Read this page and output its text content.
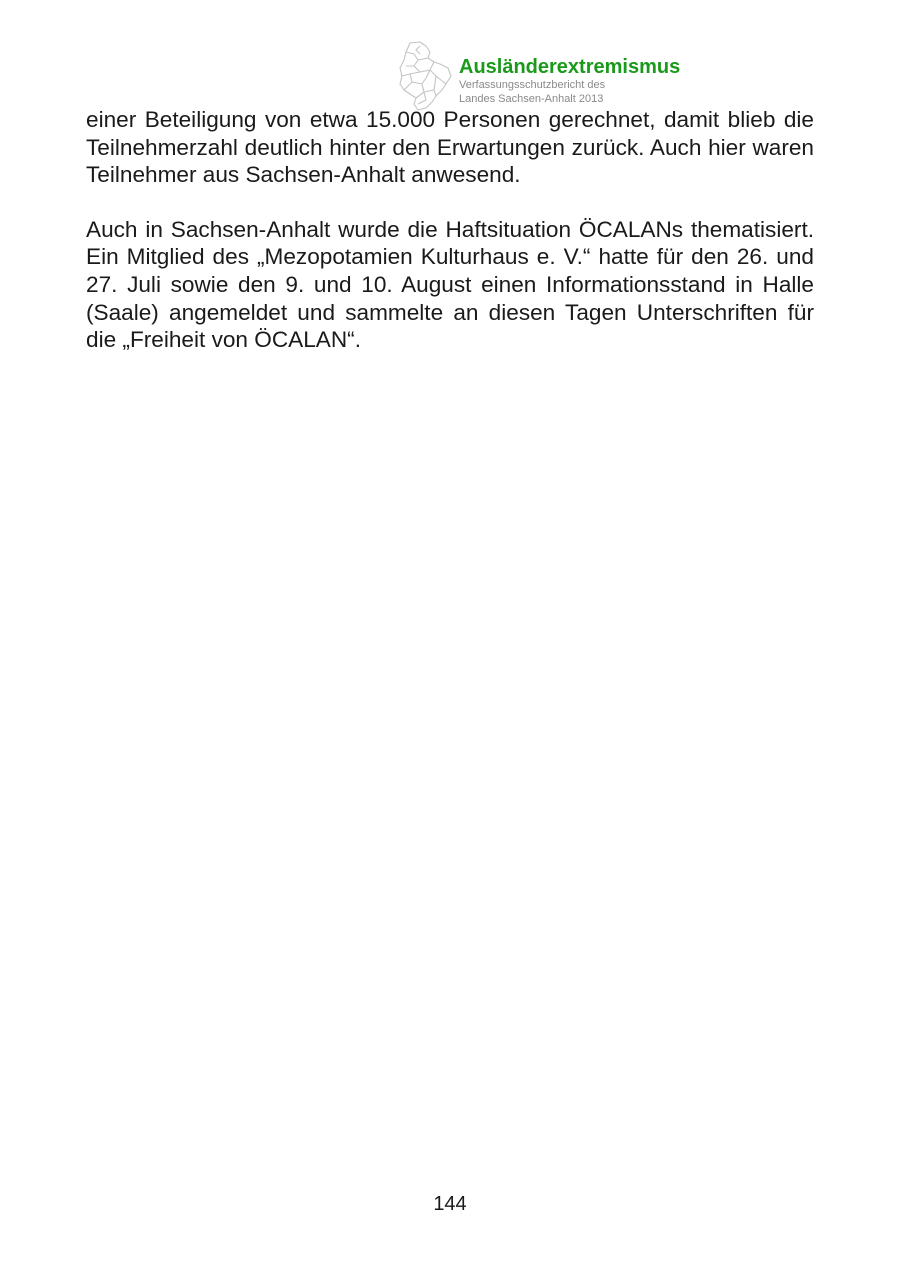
Ausländerextremismus
Verfassungsschutzbericht des
Landes Sachsen-Anhalt 2013

einer Beteiligung von etwa 15.000 Personen gerechnet, damit blieb die Teilnehmerzahl deutlich hinter den Erwartungen zurück. Auch hier waren Teilnehmer aus Sachsen-Anhalt anwesend.

Auch in Sachsen-Anhalt wurde die Haftsituation ÖCALANs thematisiert. Ein Mitglied des „Mezopotamien Kulturhaus e. V.“ hatte für den 26. und 27. Juli sowie den 9. und 10. August einen Informationsstand in Halle (Saale) angemeldet und sammelte an diesen Tagen Unterschriften für die „Freiheit von ÖCALAN“.

144
